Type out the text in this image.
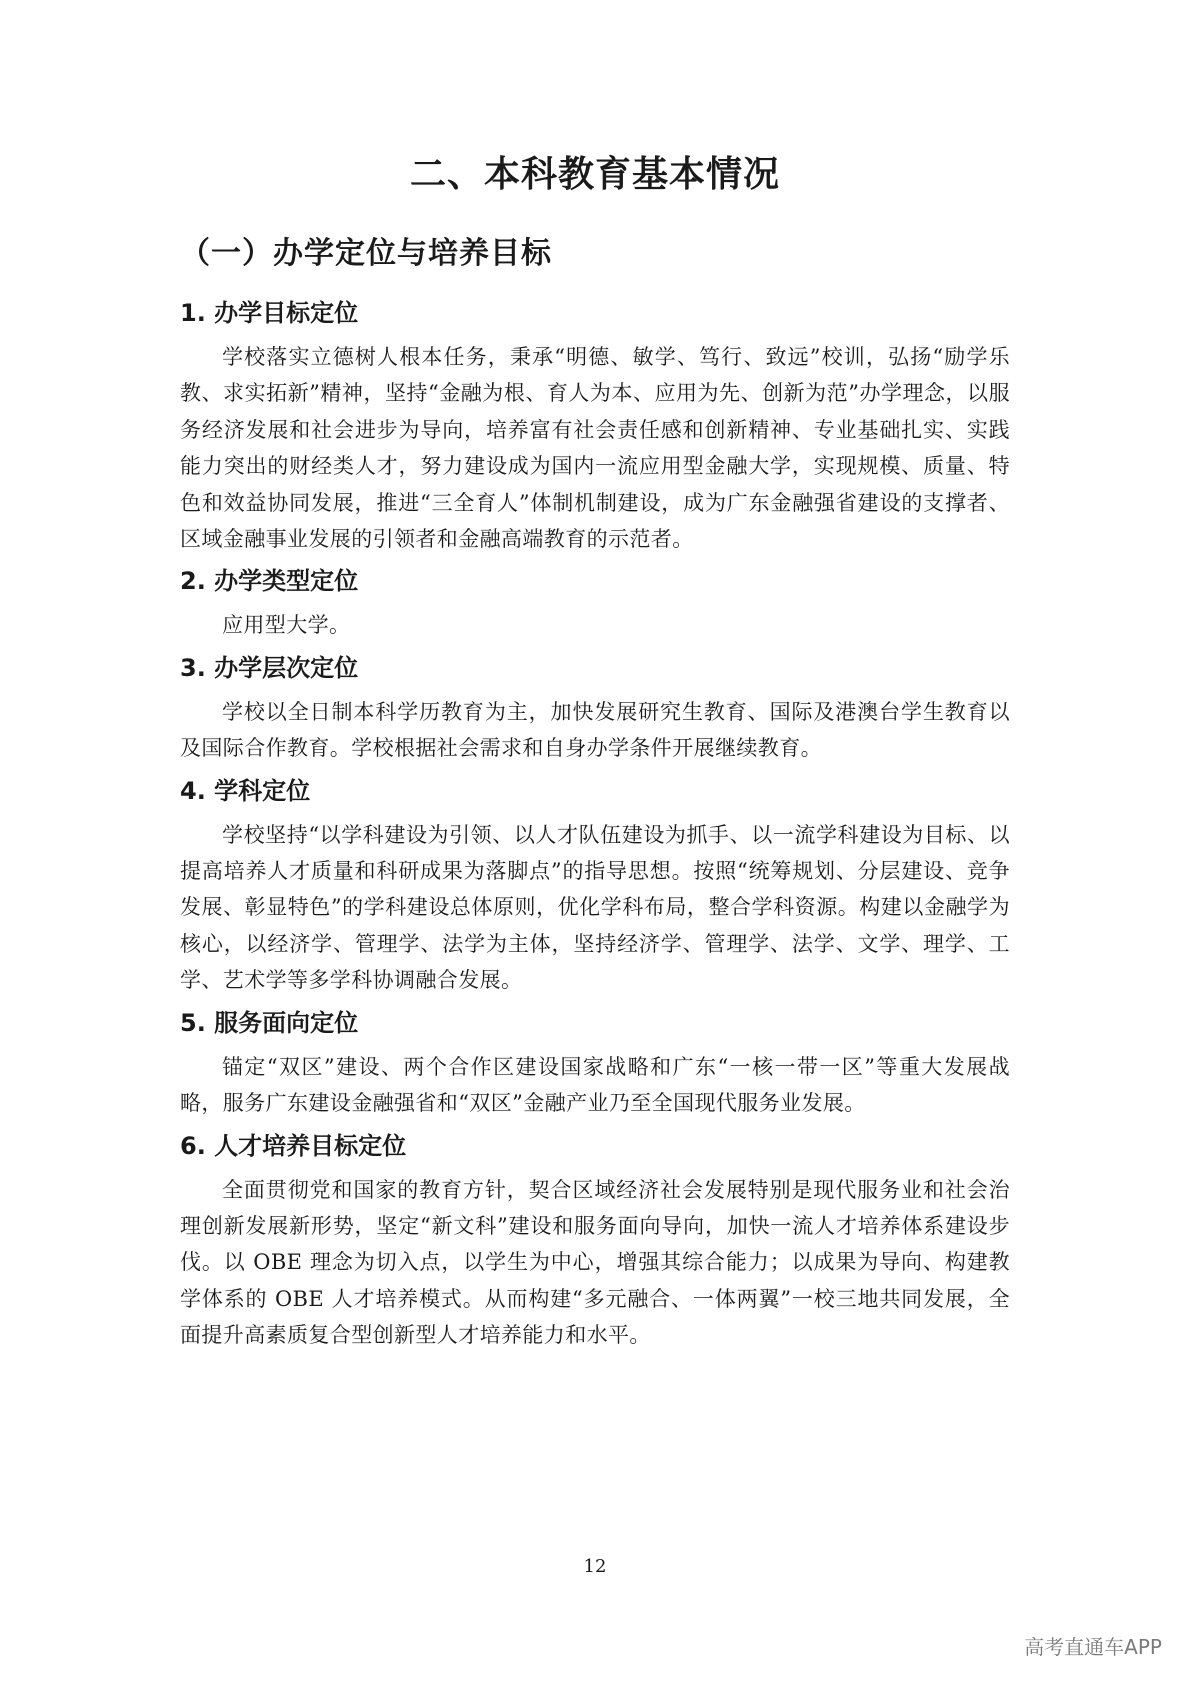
二、本科教育基本情况
（一）办学定位与培养目标
1. 办学目标定位

学校落实立德树人根本任务，秉承“明德、敏学、笃行、致远”校训，弘扬“励学乐教、求实拓新”精神，坚持“金融为根、育人为本、应用为先、创新为范”办学理念，以服务经济发展和社会进步为导向，培养富有社会责任感和创新精神、专业基础扎实、实践能力突出的财经类人才，努力建设成为国内一流应用型金融大学，实现规模、质量、特色和效益协同发展，推进“三全育人”体制机制建设，成为广东金融强省建设的支撑者、区域金融事业发展的引领者和金融高端教育的示范者。

2. 办学类型定位

应用型大学。

3. 办学层次定位

学校以全日制本科学历教育为主，加快发展研究生教育、国际及港澳台学生教育以及国际合作教育。学校根据社会需求和自身办学条件开展继续教育。

4. 学科定位

学校坚持“以学科建设为引领、以人才队伍建设为抓手、以一流学科建设为目标、以提高培养人才质量和科研成果为落脚点”的指导思想。按照“统筹规划、分层建设、竞争发展、彰显特色”的学科建设总体原则，优化学科布局，整合学科资源。构建以金融学为核心，以经济学、管理学、法学为主体，坚持经济学、管理学、法学、文学、理学、工学、艺术学等多学科协调融合发展。

5. 服务面向定位

锚定“双区”建设、两个合作区建设国家战略和广东“一核一带一区”等重大发展战略，服务广东建设金融强省和“双区”金融产业乃至全国现代服务业发展。

6. 人才培养目标定位

全面贯彻党和国家的教育方针，契合区域经济社会发展特别是现代服务业和社会治理创新发展新形势，坚定“新文科”建设和服务面向导向，加快一流人才培养体系建设步伐。以 OBE 理念为切入点，以学生为中心，增强其综合能力；以成果为导向、构建教学体系的 OBE 人才培养模式。从而构建“多元融合、一体两翼”一校三地共同发展，全面提升高素质复合型创新型人才培养能力和水平。

12
高考直通车APP
